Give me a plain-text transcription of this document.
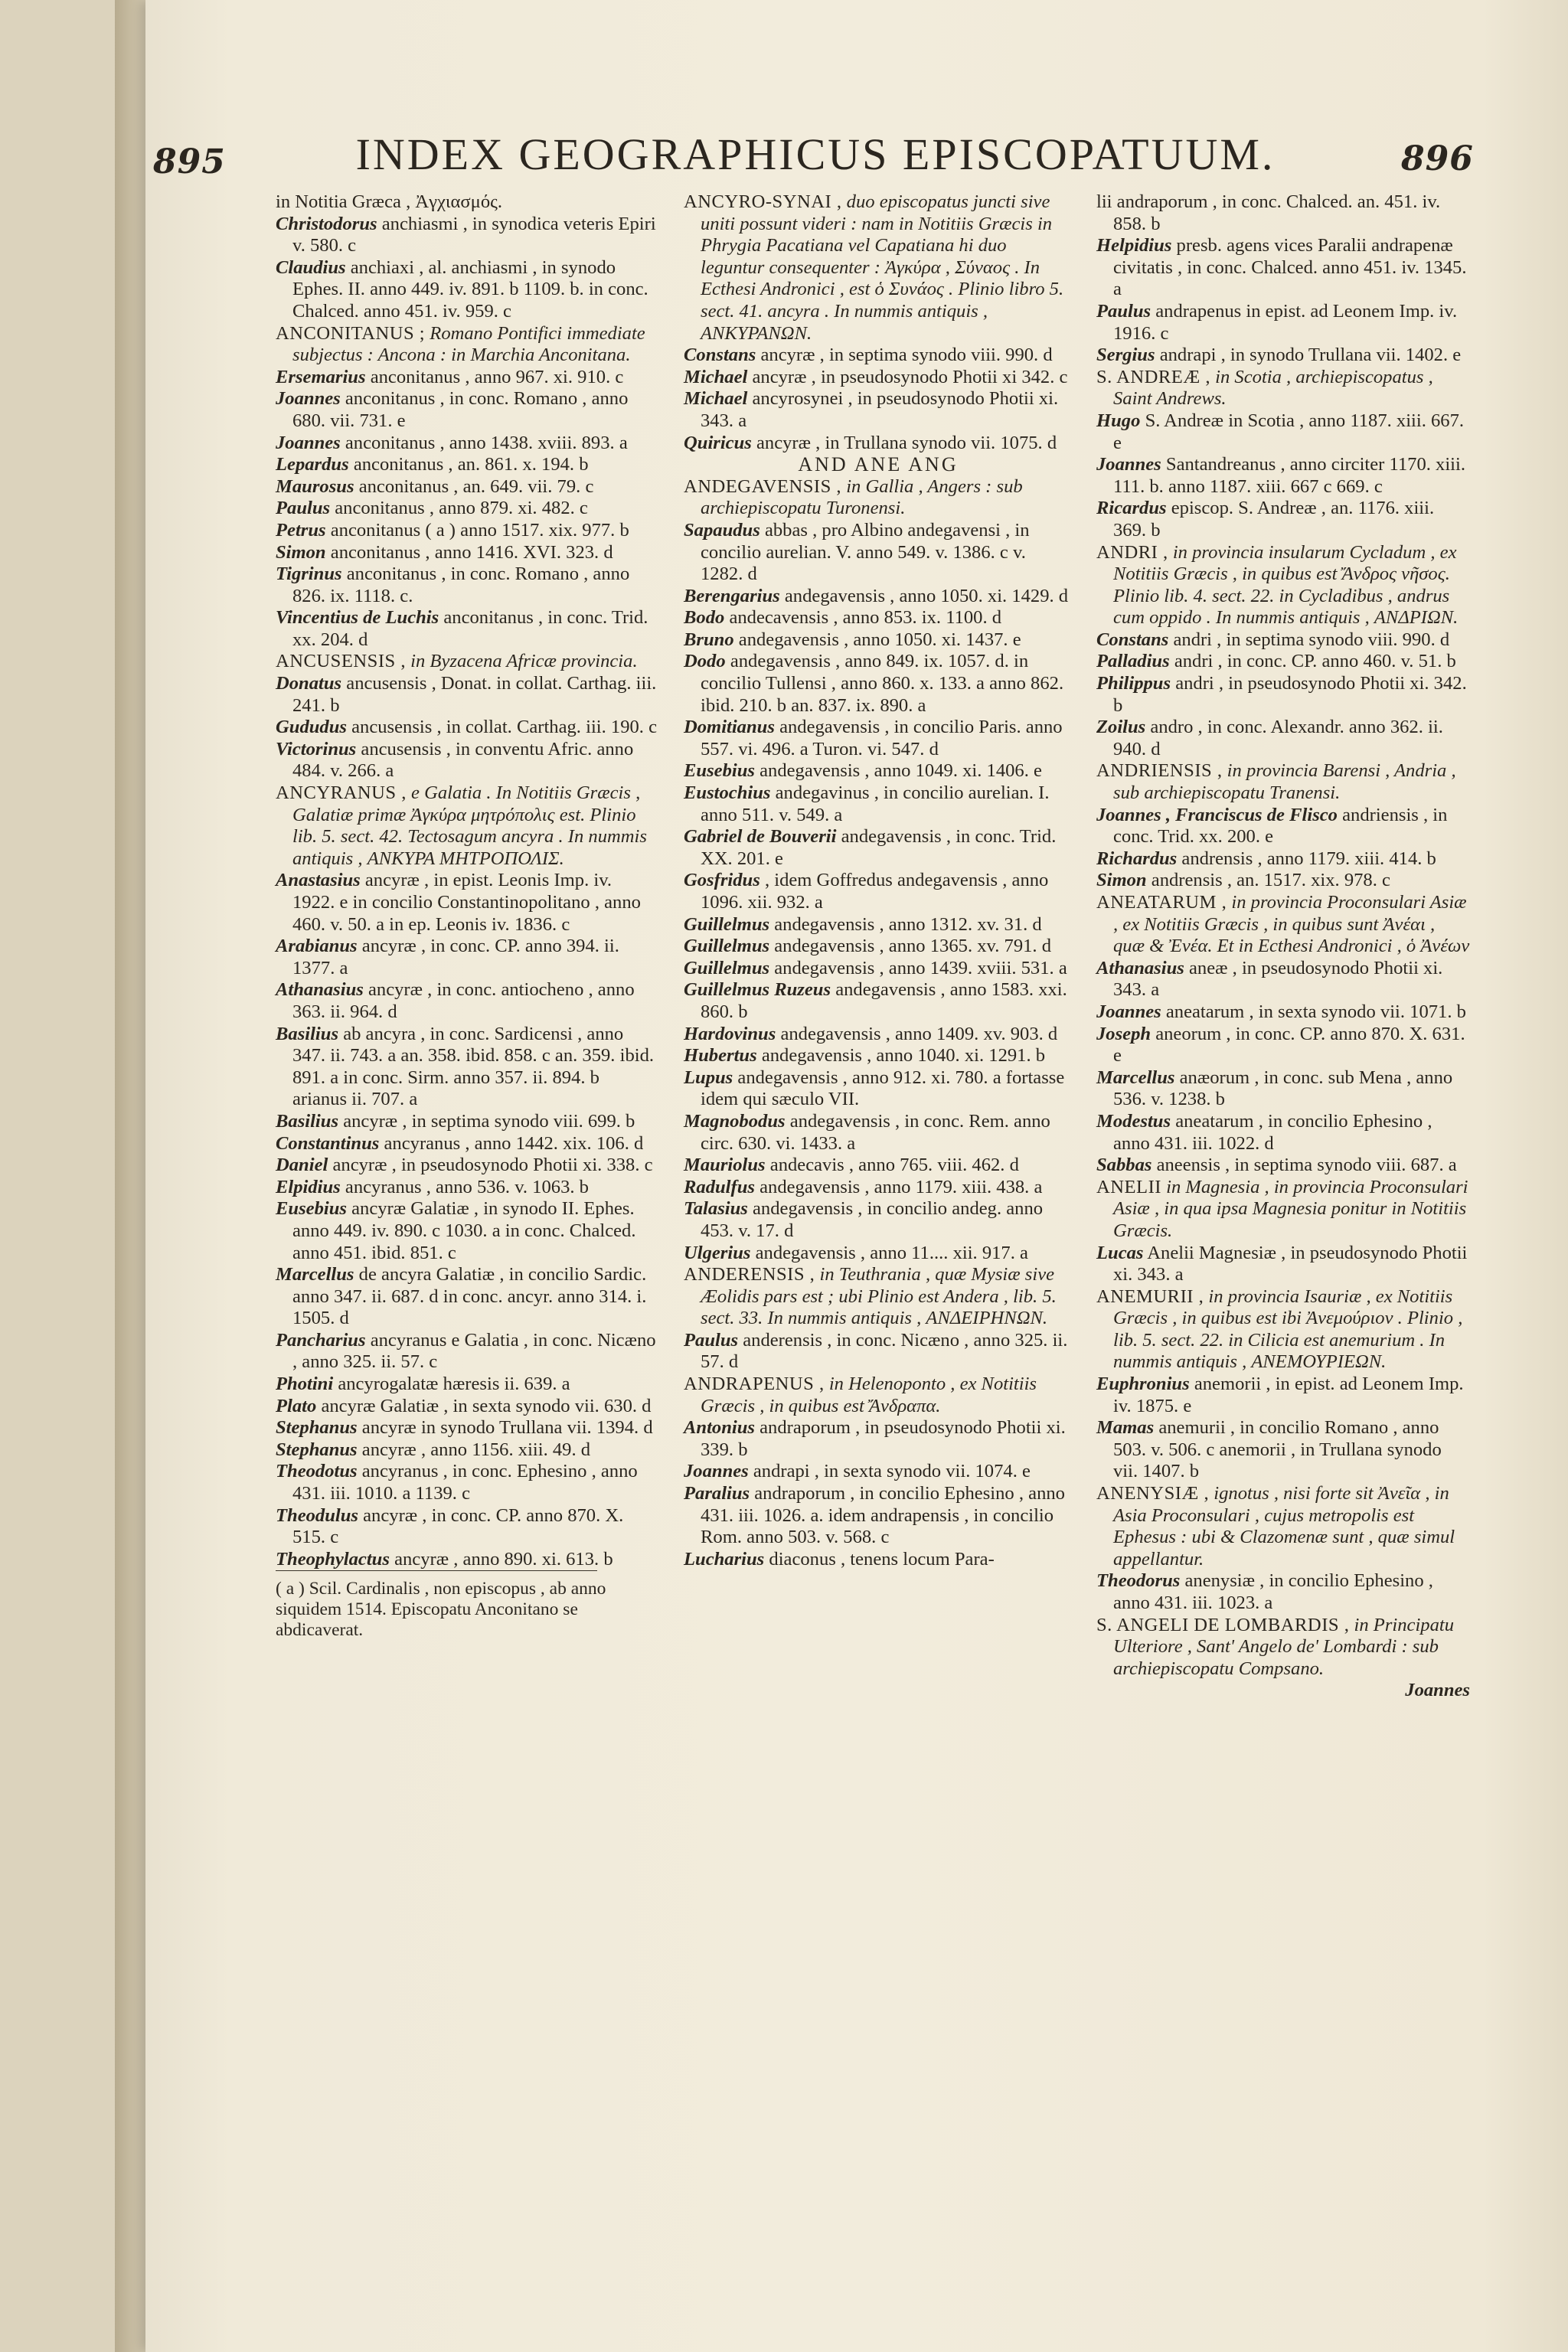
895	INDEX GEOGRAPHICUS EPISCOPATUUM.	896

in Notitia Græca , Ἀγχιασμός.

Christodorus anchiasmi , in synodica veteris Epiri v. 580. c

Claudius anchiaxi , al. anchiasmi , in synodo Ephes. II. anno 449. iv. 891. b 1109. b. in conc. Chalced. anno 451. iv. 959. c

ANCONITANUS ; Romano Pontifici immediate subjectus : Ancona : in Marchia Anconitana.

Ersemarius anconitanus , anno 967. xi. 910. c

Joannes anconitanus , in conc. Romano , anno 680. vii. 731. e

Joannes anconitanus , anno 1438. xviii. 893. a

Lepardus anconitanus , an. 861. x. 194. b

Maurosus anconitanus , an. 649. vii. 79. c

Paulus anconitanus , anno 879. xi. 482. c

Petrus anconitanus ( a ) anno 1517. xix. 977. b

Simon anconitanus , anno 1416. XVI. 323. d

Tigrinus anconitanus , in conc. Romano , anno 826. ix. 1118. c.

Vincentius de Luchis anconitanus , in conc. Trid. xx. 204. d

ANCUSENSIS , in Byzacena Africæ provincia.

Donatus ancusensis , Donat. in collat. Carthag. iii. 241. b

Gududus ancusensis , in collat. Carthag. iii. 190. c

Victorinus ancusensis , in conventu Afric. anno 484. v. 266. a

ANCYRANUS , e Galatia . In Notitiis Græcis , Galatiæ primæ Ἀγκύρα μητρόπολις est. Plinio lib. 5. sect. 42. Tectosagum ancyra . In nummis antiquis , ΑΝΚΥΡΑ ΜΗΤΡΟΠΟΛΙΣ.

Anastasius ancyræ , in epist. Leonis Imp. iv. 1922. e in concilio Constantinopolitano , anno 460. v. 50. a in ep. Leonis iv. 1836. c

Arabianus ancyræ , in conc. CP. anno 394. ii. 1377. a

Athanasius ancyræ , in conc. antiocheno , anno 363. ii. 964. d

Basilius ab ancyra , in conc. Sardicensi , anno 347. ii. 743. a an. 358. ibid. 858. c an. 359. ibid. 891. a in conc. Sirm. anno 357. ii. 894. b arianus ii. 707. a

Basilius ancyræ , in septima synodo viii. 699. b

Constantinus ancyranus , anno 1442. xix. 106. d

Daniel ancyræ , in pseudosynodo Photii xi. 338. c

Elpidius ancyranus , anno 536. v. 1063. b

Eusebius ancyræ Galatiæ , in synodo II. Ephes. anno 449. iv. 890. c 1030. a in conc. Chalced. anno 451. ibid. 851. c

Marcellus de ancyra Galatiæ , in concilio Sardic. anno 347. ii. 687. d in conc. ancyr. anno 314. i. 1505. d

Pancharius ancyranus e Galatia , in conc. Nicæno , anno 325. ii. 57. c

Photini ancyrogalatæ hæresis ii. 639. a

Plato ancyræ Galatiæ , in sexta synodo vii. 630. d

Stephanus ancyræ in synodo Trullana vii. 1394. d

Stephanus ancyræ , anno 1156. xiii. 49. d

Theodotus ancyranus , in conc. Ephesino , anno 431. iii. 1010. a 1139. c

Theodulus ancyræ , in conc. CP. anno 870. X. 515. c

Theophylactus ancyræ , anno 890. xi. 613. b

( a ) Scil. Cardinalis , non episcopus , ab anno siquidem 1514. Episcopatu Anconitano se abdicaverat.

ANCYRO-SYNAI , duo episcopatus juncti sive uniti possunt videri : nam in Notitiis Græcis in Phrygia Pacatiana vel Capatiana hi duo leguntur consequenter : Ἀγκύρα , Σύναος . In Ecthesi Andronici , est ὁ Συνάος . Plinio libro 5. sect. 41. ancyra . In nummis antiquis , ΑΝΚΥΡΑΝΩΝ.

Constans ancyræ , in septima synodo viii. 990. d

Michael ancyræ , in pseudosynodo Photii xi 342. c

Michael ancyrosynei , in pseudosynodo Photii xi. 343. a

Quiricus ancyræ , in Trullana synodo vii. 1075. d

AND ANE ANG

ANDEGAVENSIS , in Gallia , Angers : sub archiepiscopatu Turonensi.

Sapaudus abbas , pro Albino andegavensi , in concilio aurelian. V. anno 549. v. 1386. c v. 1282. d

Berengarius andegavensis , anno 1050. xi. 1429. d

Bodo andecavensis , anno 853. ix. 1100. d

Bruno andegavensis , anno 1050. xi. 1437. e

Dodo andegavensis , anno 849. ix. 1057. d. in concilio Tullensi , anno 860. x. 133. a anno 862. ibid. 210. b an. 837. ix. 890. a

Domitianus andegavensis , in concilio Paris. anno 557. vi. 496. a Turon. vi. 547. d

Eusebius andegavensis , anno 1049. xi. 1406. e

Eustochius andegavinus , in concilio aurelian. I. anno 511. v. 549. a

Gabriel de Bouverii andegavensis , in conc. Trid. XX. 201. e

Gosfridus , idem Goffredus andegavensis , anno 1096. xii. 932. a

Guillelmus andegavensis , anno 1312. xv. 31. d

Guillelmus andegavensis , anno 1365. xv. 791. d

Guillelmus andegavensis , anno 1439. xviii. 531. a

Guillelmus Ruzeus andegavensis , anno 1583. xxi. 860. b

Hardovinus andegavensis , anno 1409. xv. 903. d

Hubertus andegavensis , anno 1040. xi. 1291. b

Lupus andegavensis , anno 912. xi. 780. a fortasse idem qui sæculo VII.

Magnobodus andegavensis , in conc. Rem. anno circ. 630. vi. 1433. a

Mauriolus andecavis , anno 765. viii. 462. d

Radulfus andegavensis , anno 1179. xiii. 438. a

Talasius andegavensis , in concilio andeg. anno 453. v. 17. d

Ulgerius andegavensis , anno 11.... xii. 917. a

ANDERENSIS , in Teuthrania , quæ Mysiæ sive Æolidis pars est ; ubi Plinio est Andera , lib. 5. sect. 33. In nummis antiquis , ΑΝΔΕΙΡΗΝΩΝ.

Paulus anderensis , in conc. Nicæno , anno 325. ii. 57. d

ANDRAPENUS , in Helenoponto , ex Notitiis Græcis , in quibus est Ἄνδραπα.

Antonius andraporum , in pseudosynodo Photii xi. 339. b

Joannes andrapi , in sexta synodo vii. 1074. e

Paralius andraporum , in concilio Ephesino , anno 431. iii. 1026. a. idem andrapensis , in concilio Rom. anno 503. v. 568. c

Lucharius diaconus , tenens locum Para-

lii andraporum , in conc. Chalced. an. 451. iv. 858. b

Helpidius presb. agens vices Paralii andrapenæ civitatis , in conc. Chalced. anno 451. iv. 1345. a

Paulus andrapenus in epist. ad Leonem Imp. iv. 1916. c

Sergius andrapi , in synodo Trullana vii. 1402. e

S. ANDREÆ , in Scotia , archiepiscopatus , Saint Andrews.

Hugo S. Andreæ in Scotia , anno 1187. xiii. 667. e

Joannes Santandreanus , anno circiter 1170. xiii. 111. b. anno 1187. xiii. 667 c 669. c

Ricardus episcop. S. Andreæ , an. 1176. xiii. 369. b

ANDRI , in provincia insularum Cycladum , ex Notitiis Græcis , in quibus est Ἄνδρος νῆσος. Plinio lib. 4. sect. 22. in Cycladibus , andrus cum oppido . In nummis antiquis , ΑΝΔΡΙΩΝ.

Constans andri , in septima synodo viii. 990. d

Palladius andri , in conc. CP. anno 460. v. 51. b

Philippus andri , in pseudosynodo Photii xi. 342. b

Zoilus andro , in conc. Alexandr. anno 362. ii. 940. d

ANDRIENSIS , in provincia Barensi , Andria , sub archiepiscopatu Tranensi.

Joannes , Franciscus de Flisco andriensis , in conc. Trid. xx. 200. e

Richardus andrensis , anno 1179. xiii. 414. b

Simon andrensis , an. 1517. xix. 978. c

ANEATARUM , in provincia Proconsulari Asiæ , ex Notitiis Græcis , in quibus sunt Ἀνέαι , quæ & Ἐνέα. Et in Ecthesi Andronici , ὁ Ἀνέων

Athanasius aneæ , in pseudosynodo Photii xi. 343. a

Joannes aneatarum , in sexta synodo vii. 1071. b

Joseph aneorum , in conc. CP. anno 870. X. 631. e

Marcellus anæorum , in conc. sub Mena , anno 536. v. 1238. b

Modestus aneatarum , in concilio Ephesino , anno 431. iii. 1022. d

Sabbas aneensis , in septima synodo viii. 687. a

ANELII in Magnesia , in provincia Proconsulari Asiæ , in qua ipsa Magnesia ponitur in Notitiis Græcis.

Lucas Anelii Magnesiæ , in pseudosynodo Photii xi. 343. a

ANEMURII , in provincia Isauriæ , ex Notitiis Græcis , in quibus est ibi Ἀνεμούριον . Plinio , lib. 5. sect. 22. in Cilicia est anemurium . In nummis antiquis , ΑΝΕΜΟΥΡΙΕΩΝ.

Euphronius anemorii , in epist. ad Leonem Imp. iv. 1875. e

Mamas anemurii , in concilio Romano , anno 503. v. 506. c anemorii , in Trullana synodo vii. 1407. b

ANENYSIÆ , ignotus , nisi forte sit Ἀνεῖα , in Asia Proconsulari , cujus metropolis est Ephesus : ubi & Clazomenæ sunt , quæ simul appellantur.

Theodorus anenysiæ , in concilio Ephesino , anno 431. iii. 1023. a

S. ANGELI DE LOMBARDIS , in Principatu Ulteriore , Sant' Angelo de' Lombardi : sub archiepiscopatu Compsano.

Joannes
